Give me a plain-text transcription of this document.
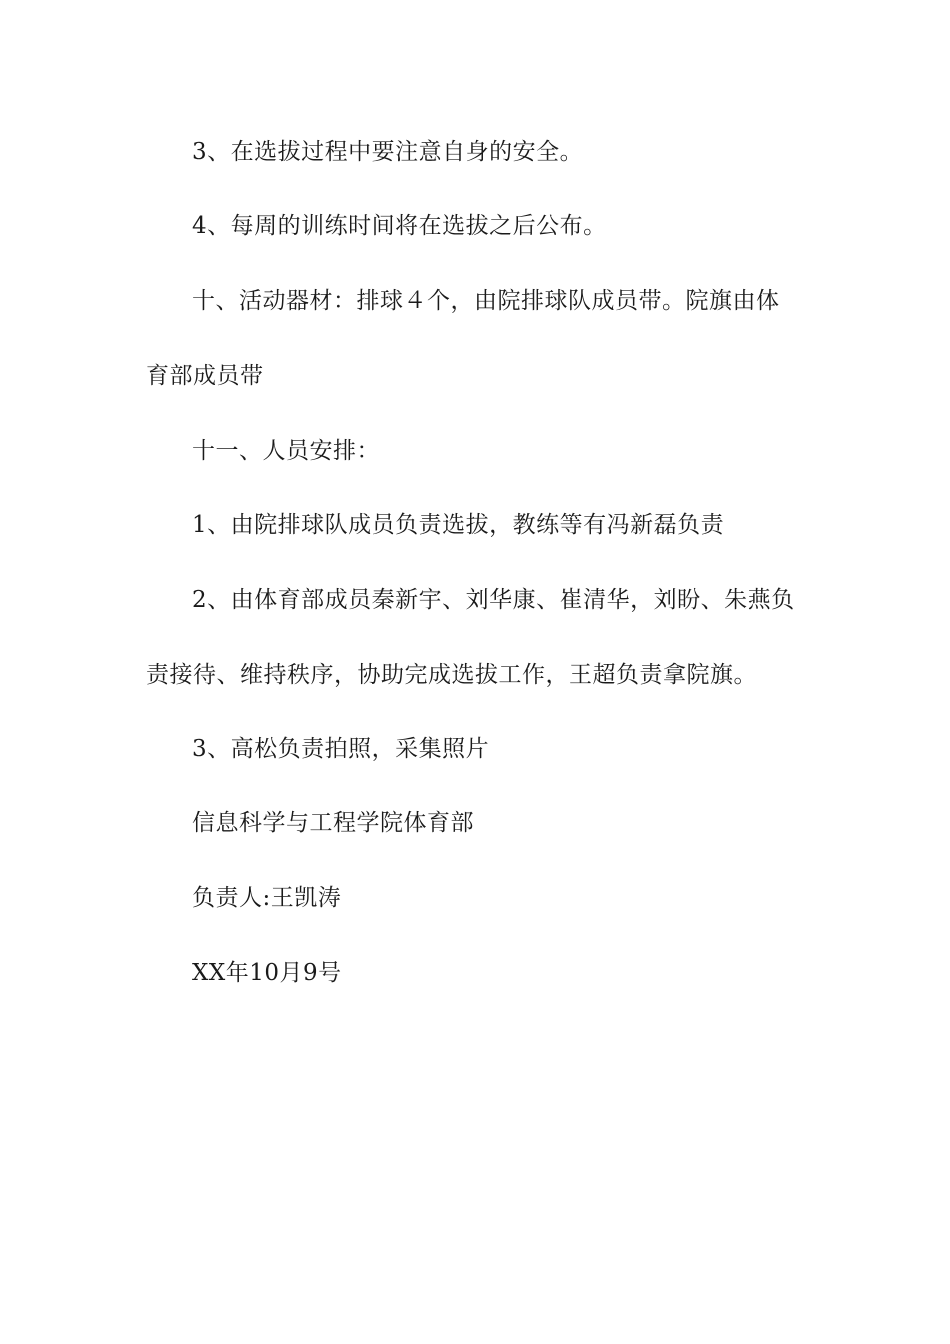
3、在选拔过程中要注意自身的安全。
4、每周的训练时间将在选拔之后公布。
十、活动器材：排球４个，由院排球队成员带。院旗由体
育部成员带
十一、人员安排：
1、由院排球队成员负责选拔，教练等有冯新磊负责
2、由体育部成员秦新宇、刘华康、崔清华，刘盼、朱燕负
责接待、维持秩序，协助完成选拔工作，王超负责拿院旗。
3、高松负责拍照，采集照片
信息科学与工程学院体育部
负责人:王凯涛
XX年10月9号
